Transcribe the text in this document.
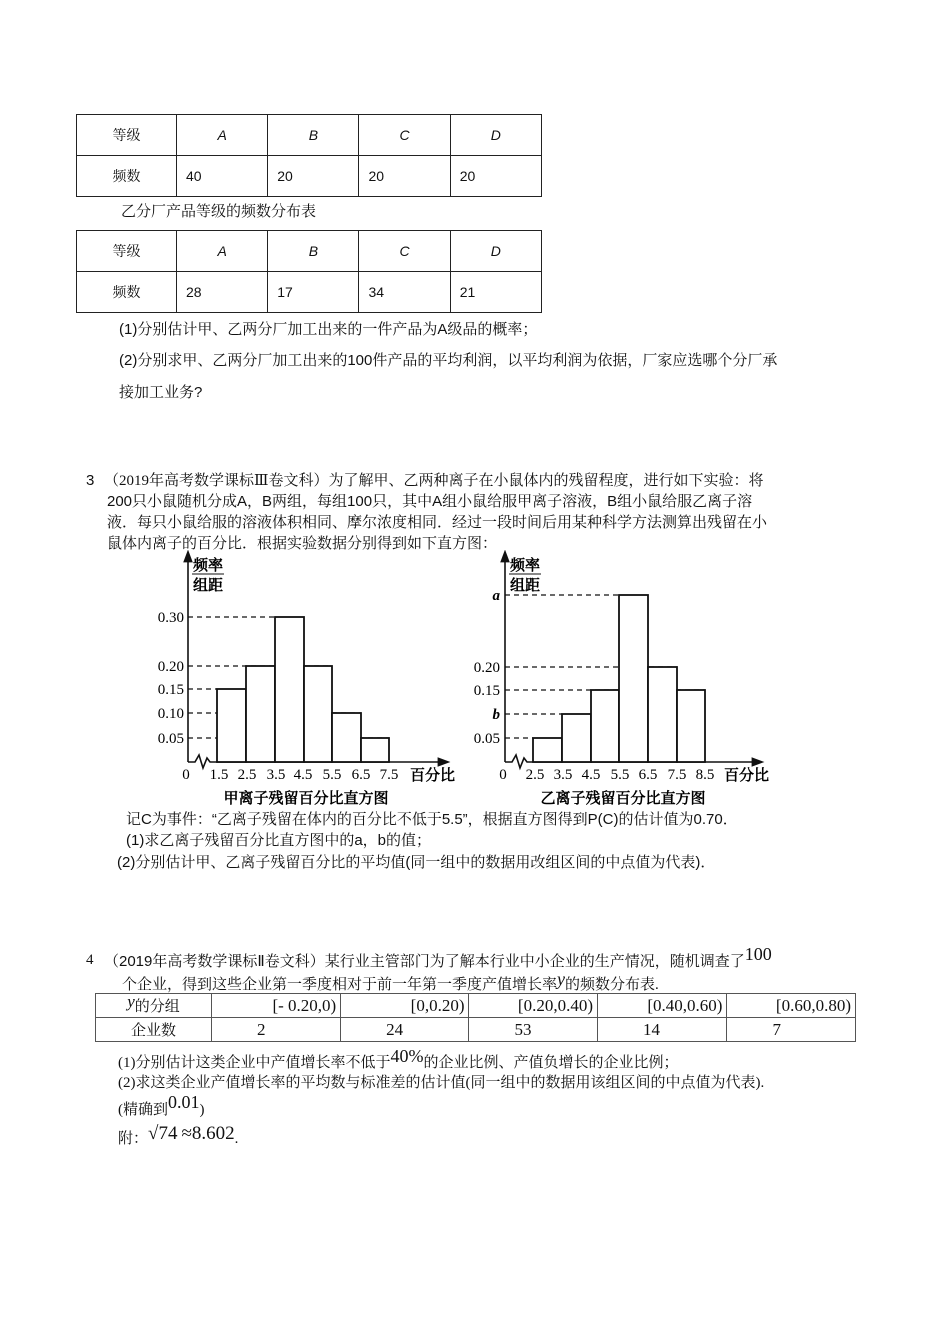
等级	A	B	C	D
频数	40	20	20	20
乙分厂产品等级的频数分布表
等级	A	B	C	D
频数	28	17	34	21
(1)分别估计甲、乙两分厂加工出来的一件产品为A级品的概率；
(2)分别求甲、乙两分厂加工出来的100件产品的平均利润，以平均利润为依据，厂家应选哪个分厂承
接加工业务?
3 （2019年高考数学课标Ⅲ卷文科）为了解甲、乙两种离子在小鼠体内的残留程度，进行如下实验：将
200只小鼠随机分成A，B两组，每组100只，其中A组小鼠给服甲离子溶液，B组小鼠给服乙离子溶
液．每只小鼠给服的溶液体积相同、摩尔浓度相同．经过一段时间后用某种科学方法测算出残留在小
鼠体内离子的百分比．根据实验数据分别得到如下直方图：
频率
组距
0.30
0.20
0.15
0.10
0.05
0 1.5 2.5 3.5 4.5 5.5 6.5 7.5 百分比
甲离子残留百分比直方图
频率
组距
a
0.20
0.15
b
0.05
0 2.5 3.5 4.5 5.5 6.5 7.5 8.5 百分比
乙离子残留百分比直方图
记C为事件：“乙离子残留在体内的百分比不低于5.5”，根据直方图得到P(C)的估计值为0.70．
(1)求乙离子残留百分比直方图中的a，b的值；
(2)分别估计甲、乙离子残留百分比的平均值(同一组中的数据用改组区间的中点值为代表)．
4 （2019年高考数学课标Ⅱ卷文科）某行业主管部门为了解本行业中小企业的生产情况，随机调查了100
个企业，得到这些企业第一季度相对于前一年第一季度产值增长率y的频数分布表.
y的分组	[- 0.20,0)	[0,0.20)	[0.20,0.40)	[0.40,0.60)	[0.60,0.80)
企业数	2	24	53	14	7
(1)分别估计这类企业中产值增长率不低于40%的企业比例、产值负增长的企业比例；
(2)求这类企业产值增长率的平均数与标准差的估计值(同一组中的数据用该组区间的中点值为代表).
(精确到0.01)
附：√74 ≈8.602.
